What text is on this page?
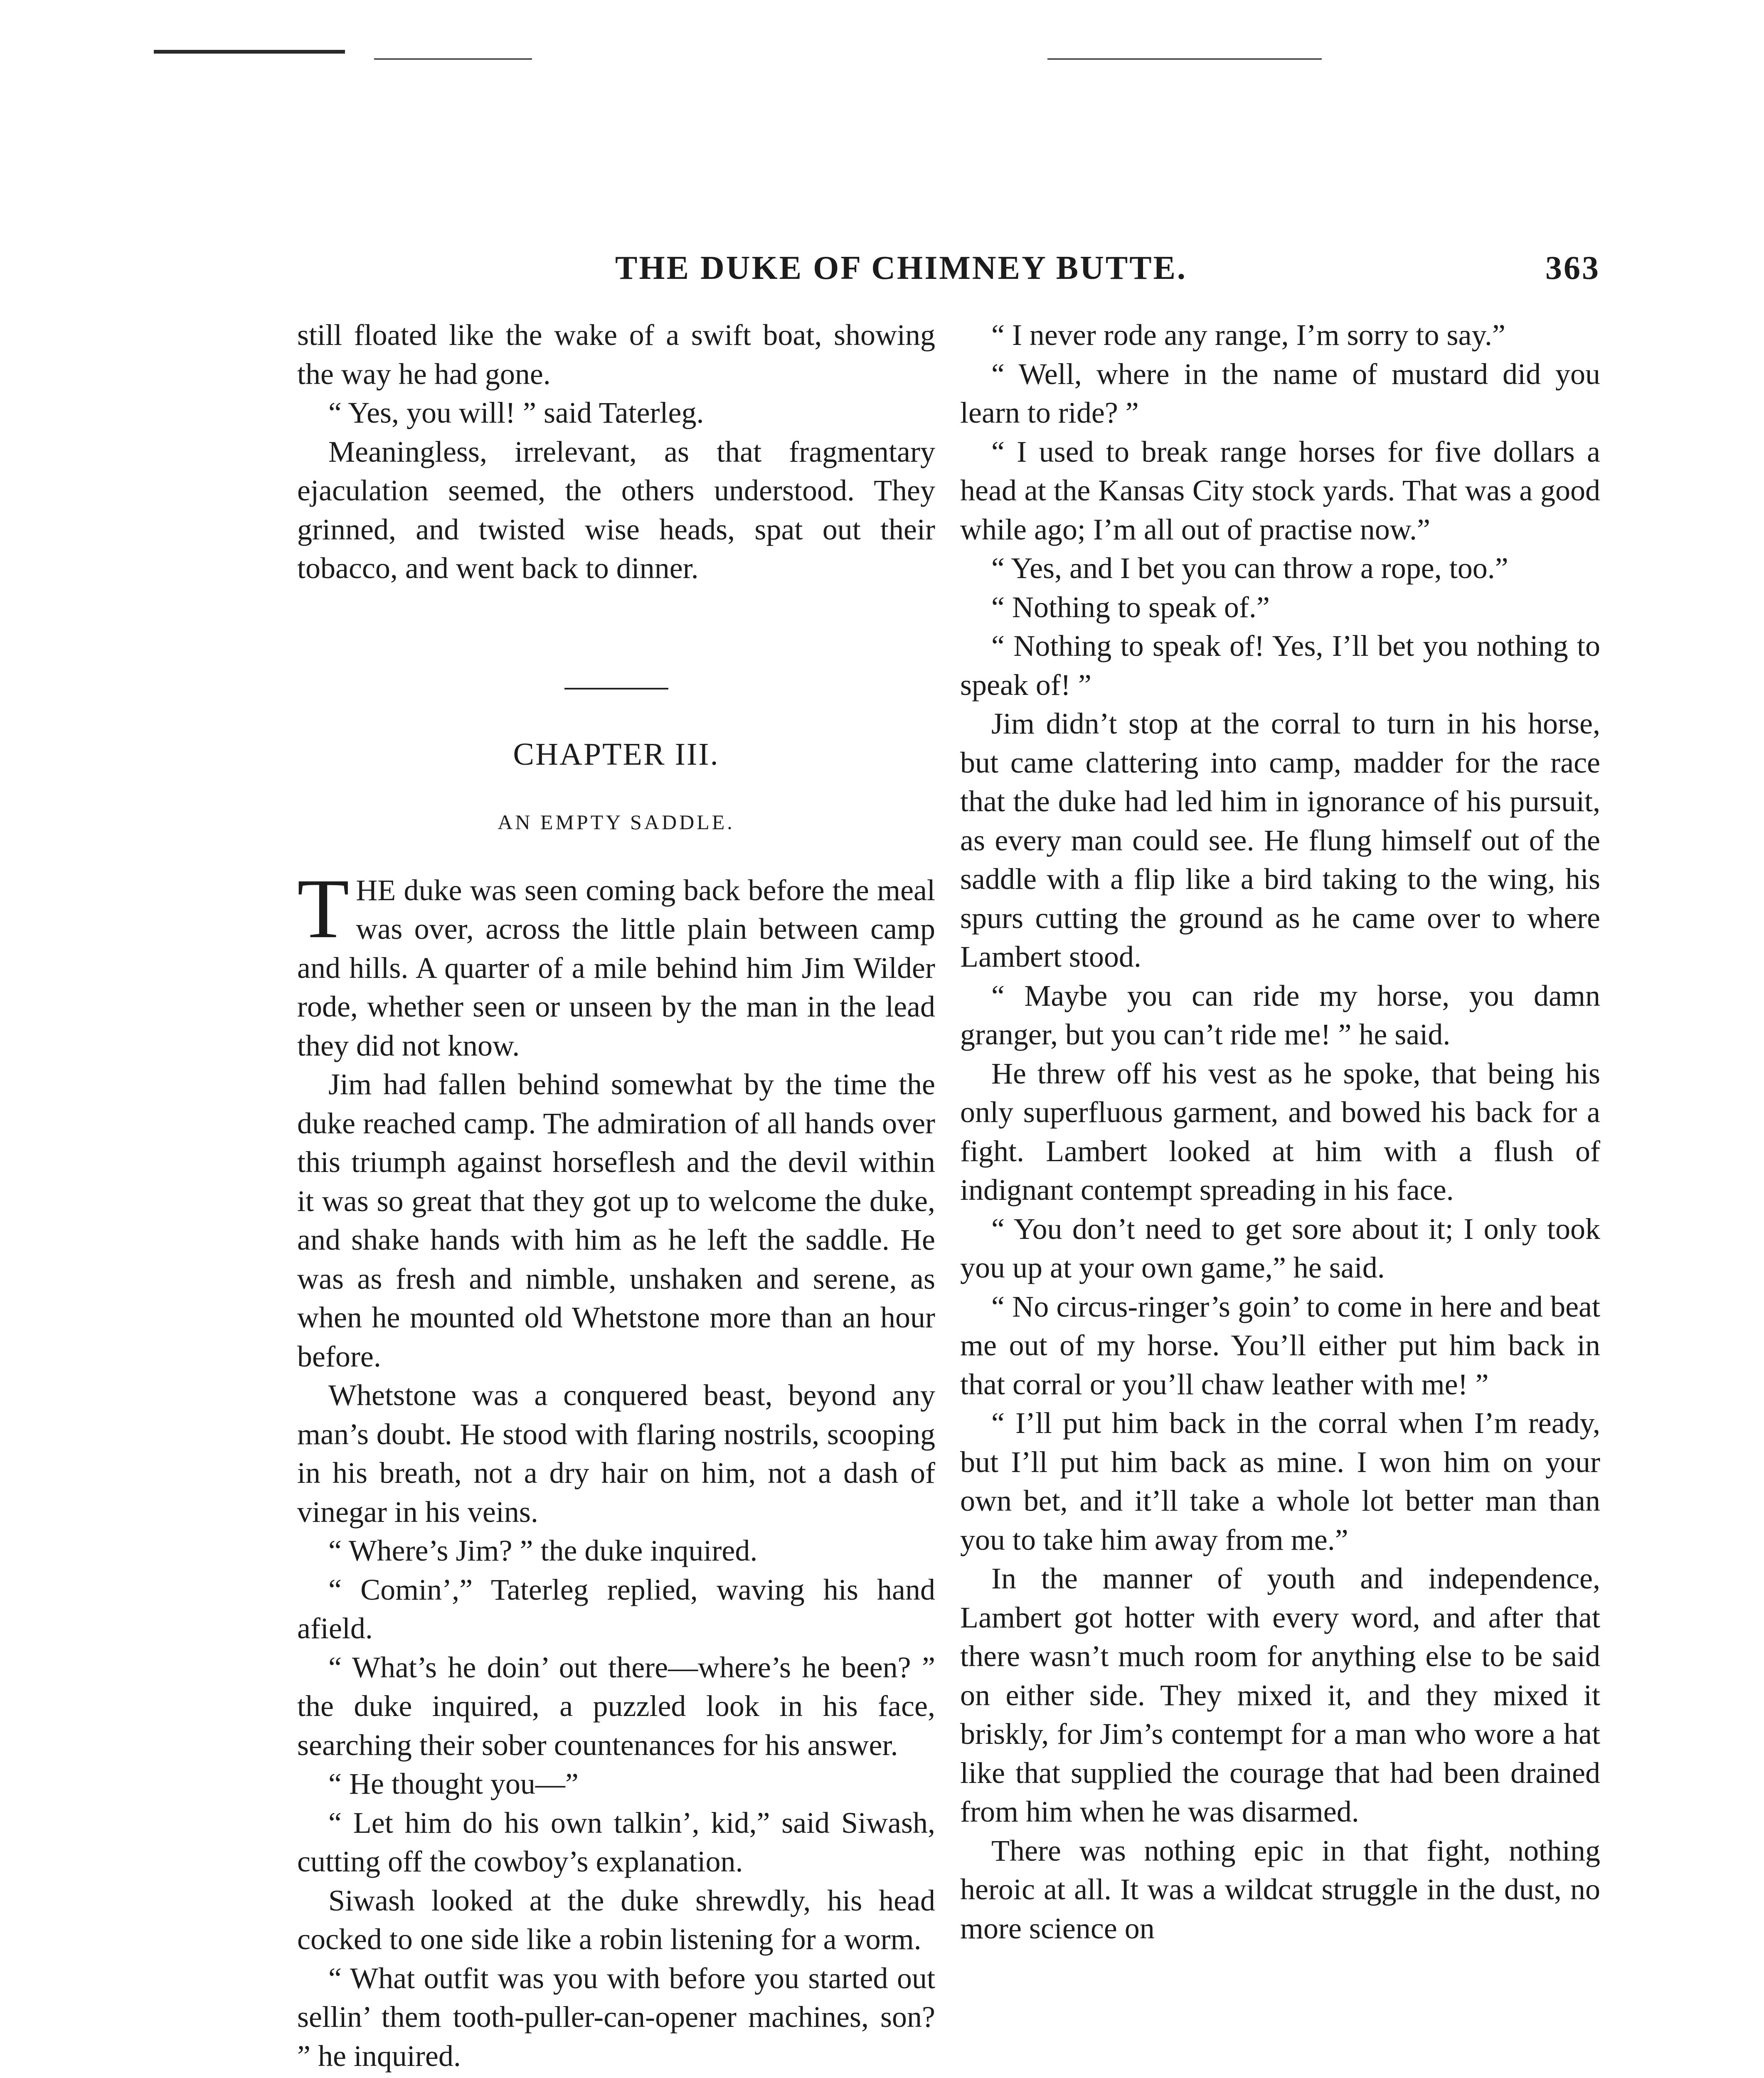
THE DUKE OF CHIMNEY BUTTE.	363

still floated like the wake of a swift boat, showing the way he had gone.

“ Yes, you will! ” said Taterleg.

Meaningless, irrelevant, as that fragmentary ejaculation seemed, the others understood. They grinned, and twisted wise heads, spat out their tobacco, and went back to dinner.

CHAPTER III.
AN EMPTY SADDLE.

THE duke was seen coming back before the meal was over, across the little plain between camp and hills. A quarter of a mile behind him Jim Wilder rode, whether seen or unseen by the man in the lead they did not know.

Jim had fallen behind somewhat by the time the duke reached camp. The admiration of all hands over this triumph against horseflesh and the devil within it was so great that they got up to welcome the duke, and shake hands with him as he left the saddle. He was as fresh and nimble, unshaken and serene, as when he mounted old Whetstone more than an hour before.

Whetstone was a conquered beast, beyond any man’s doubt. He stood with flaring nostrils, scooping in his breath, not a dry hair on him, not a dash of vinegar in his veins.

“ Where’s Jim? ” the duke inquired.

“ Comin’,” Taterleg replied, waving his hand afield.

“ What’s he doin’ out there—where’s he been? ” the duke inquired, a puzzled look in his face, searching their sober countenances for his answer.

“ He thought you—”

“ Let him do his own talkin’, kid,” said Siwash, cutting off the cowboy’s explanation.

Siwash looked at the duke shrewdly, his head cocked to one side like a robin listening for a worm.

“ What outfit was you with before you started out sellin’ them tooth-puller-can-opener machines, son? ” he inquired.

“ I never rode any range, I’m sorry to say.”

“ Well, where in the name of mustard did you learn to ride? ”

“ I used to break range horses for five dollars a head at the Kansas City stock yards. That was a good while ago; I’m all out of practise now.”

“ Yes, and I bet you can throw a rope, too.”

“ Nothing to speak of.”

“ Nothing to speak of! Yes, I’ll bet you nothing to speak of! ”

Jim didn’t stop at the corral to turn in his horse, but came clattering into camp, madder for the race that the duke had led him in ignorance of his pursuit, as every man could see. He flung himself out of the saddle with a flip like a bird taking to the wing, his spurs cutting the ground as he came over to where Lambert stood.

“ Maybe you can ride my horse, you damn granger, but you can’t ride me! ” he said.

He threw off his vest as he spoke, that being his only superfluous garment, and bowed his back for a fight. Lambert looked at him with a flush of indignant contempt spreading in his face.

“ You don’t need to get sore about it; I only took you up at your own game,” he said.

“ No circus-ringer’s goin’ to come in here and beat me out of my horse. You’ll either put him back in that corral or you’ll chaw leather with me! ”

“ I’ll put him back in the corral when I’m ready, but I’ll put him back as mine. I won him on your own bet, and it’ll take a whole lot better man than you to take him away from me.”

In the manner of youth and independence, Lambert got hotter with every word, and after that there wasn’t much room for anything else to be said on either side. They mixed it, and they mixed it briskly, for Jim’s contempt for a man who wore a hat like that supplied the courage that had been drained from him when he was disarmed.

There was nothing epic in that fight, nothing heroic at all. It was a wildcat struggle in the dust, no more science on
